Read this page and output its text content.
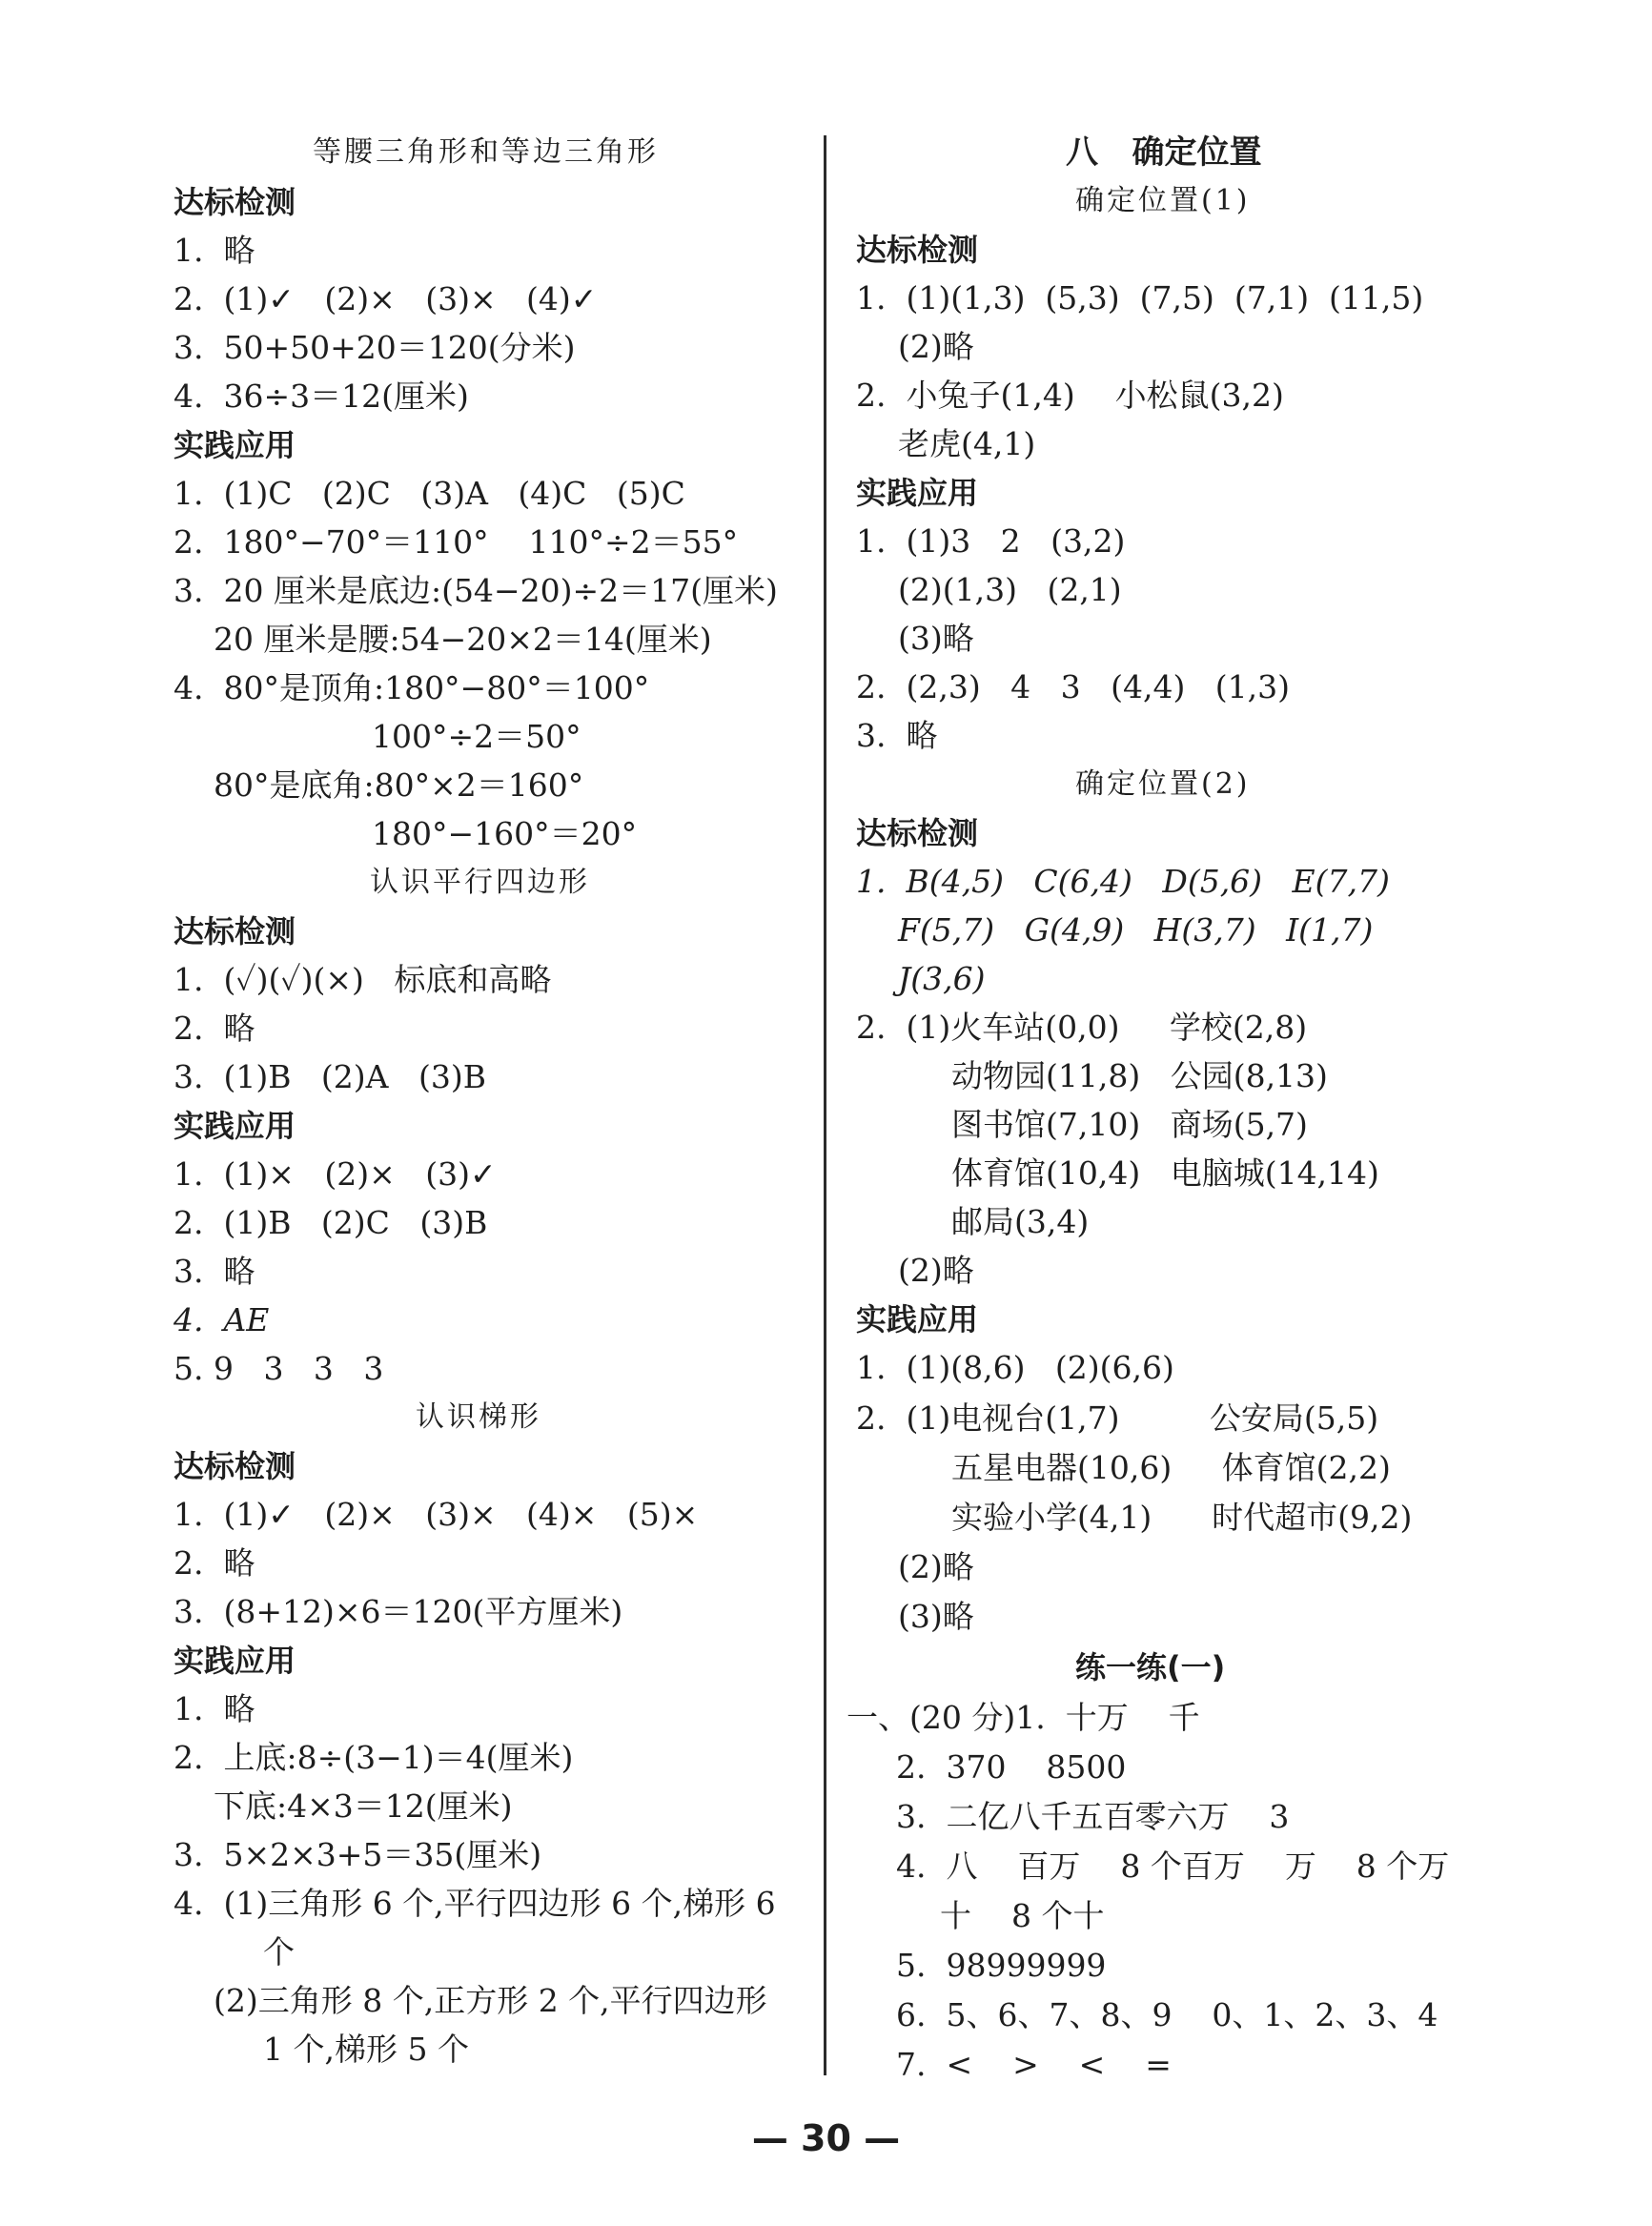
等腰三角形和等边三角形
达标检测
1.  略
2.  (1)✓   (2)×   (3)×   (4)✓
3.  50+50+20＝120(分米)
4.  36÷3＝12(厘米)
实践应用
1.  (1)C   (2)C   (3)A   (4)C   (5)C
2.  180°−70°＝110°    110°÷2＝55°
3.  20 厘米是底边:(54−20)÷2＝17(厘米)
20 厘米是腰:54−20×2＝14(厘米)
4.  80°是顶角:180°−80°＝100°
100°÷2＝50°
80°是底角:80°×2＝160°
180°−160°＝20°
认识平行四边形
达标检测
1.  (✓)(✓)(×)   标底和高略
2.  略
3.  (1)B   (2)A   (3)B
实践应用
1.  (1)×   (2)×   (3)✓
2.  (1)B   (2)C   (3)B
3.  略
4.  AE
5. 9   3   3   3
认识梯形
达标检测
1.  (1)✓   (2)×   (3)×   (4)×   (5)×
2.  略
3.  (8+12)×6＝120(平方厘米)
实践应用
1.  略
2.  上底:8÷(3−1)＝4(厘米)
下底:4×3＝12(厘米)
3.  5×2×3+5＝35(厘米)
4.  (1)三角形 6 个,平行四边形 6 个,梯形 6
个
(2)三角形 8 个,正方形 2 个,平行四边形
1 个,梯形 5 个
八   确定位置
确定位置(1)
达标检测
1.  (1)(1,3)  (5,3)  (7,5)  (7,1)  (11,5)
(2)略
2.  小兔子(1,4)    小松鼠(3,2)
老虎(4,1)
实践应用
1.  (1)3   2   (3,2)
(2)(1,3)   (2,1)
(3)略
2.  (2,3)   4   3   (4,4)   (1,3)
3.  略
确定位置(2)
达标检测
1.  B(4,5)   C(6,4)   D(5,6)   E(7,7)
F(5,7)   G(4,9)   H(3,7)   I(1,7)
J(3,6)
2.  (1)火车站(0,0)     学校(2,8)
动物园(11,8)   公园(8,13)
图书馆(7,10)   商场(5,7)
体育馆(10,4)   电脑城(14,14)
邮局(3,4)
(2)略
实践应用
1.  (1)(8,6)   (2)(6,6)
2.  (1)电视台(1,7)         公安局(5,5)
五星电器(10,6)     体育馆(2,2)
实验小学(4,1)      时代超市(9,2)
(2)略
(3)略
练一练(一)
一、(20 分)1.  十万    千
2.  370    8500
3.  二亿八千五百零六万    3
4.  八    百万    8 个百万    万    8 个万
十    8 个十
5.  98999999
6.  5、6、7、8、9    0、1、2、3、4
7.  <    >    <    =
— 30 —
